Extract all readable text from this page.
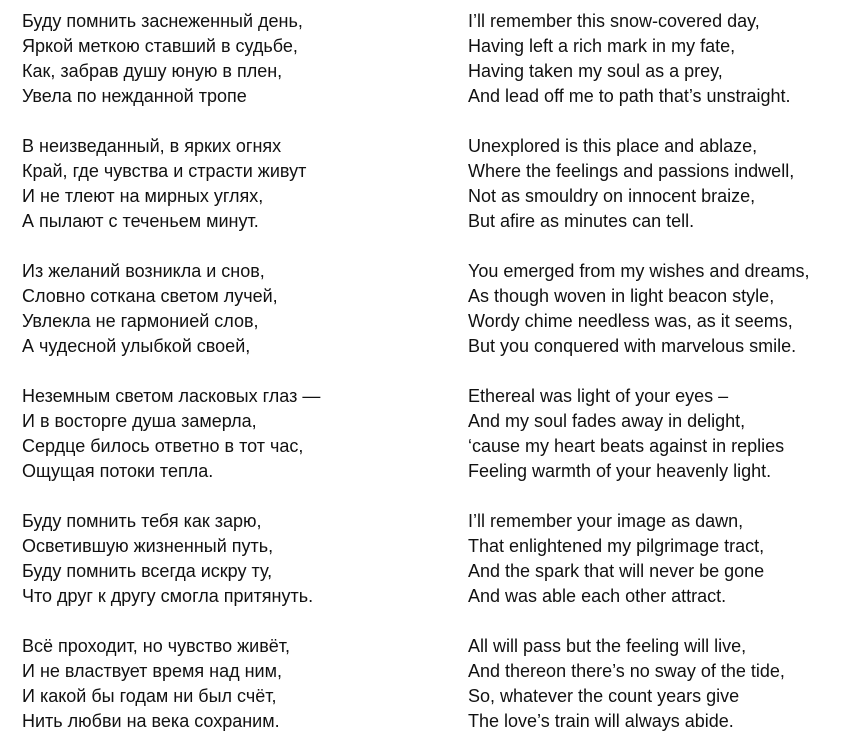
Буду помнить заснеженный день,
Яркой меткою ставший в судьбе,
Как, забрав душу юную в плен,
Увела по нежданной тропе
В неизведанный, в ярких огнях
Край, где чувства и страсти живут
И не тлеют на мирных углях,
А пылают с теченьем минут.
Из желаний возникла и снов,
Словно соткана светом лучей,
Увлекла не гармонией слов,
А чудесной улыбкой своей,
Неземным светом ласковых глаз —
И в восторге душа замерла,
Сердце билось ответно в тот час,
Ощущая потоки тепла.
Буду помнить тебя как зарю,
Осветившую жизненный путь,
Буду помнить всегда искру ту,
Что друг к другу смогла притянуть.
Всё проходит, но чувство живёт,
И не властвует время над ним,
И какой бы годам ни был счёт,
Нить любви на века сохраним.
I’ll remember this snow-covered day,
Having left a rich mark in my fate,
Having taken my soul as a prey,
And lead off me to path that’s unstraight.
Unexplored is this place and ablaze,
Where the feelings and passions indwell,
Not as smouldry on innocent braize,
But afire as minutes can tell.
You emerged from my wishes and dreams,
As though woven in light beacon style,
Wordy chime needless was, as it seems,
But you conquered with marvelous smile.
Ethereal was light of your eyes –
And my soul fades away in delight,
‘cause my heart beats against in replies
Feeling warmth of your heavenly light.
I’ll remember your image as dawn,
That enlightened my pilgrimage tract,
And the spark that will never be gone
And was able each other attract.
All will pass but the feeling will live,
And thereon there’s no sway of the tide,
So, whatever the count years give
The love’s train will always abide.
